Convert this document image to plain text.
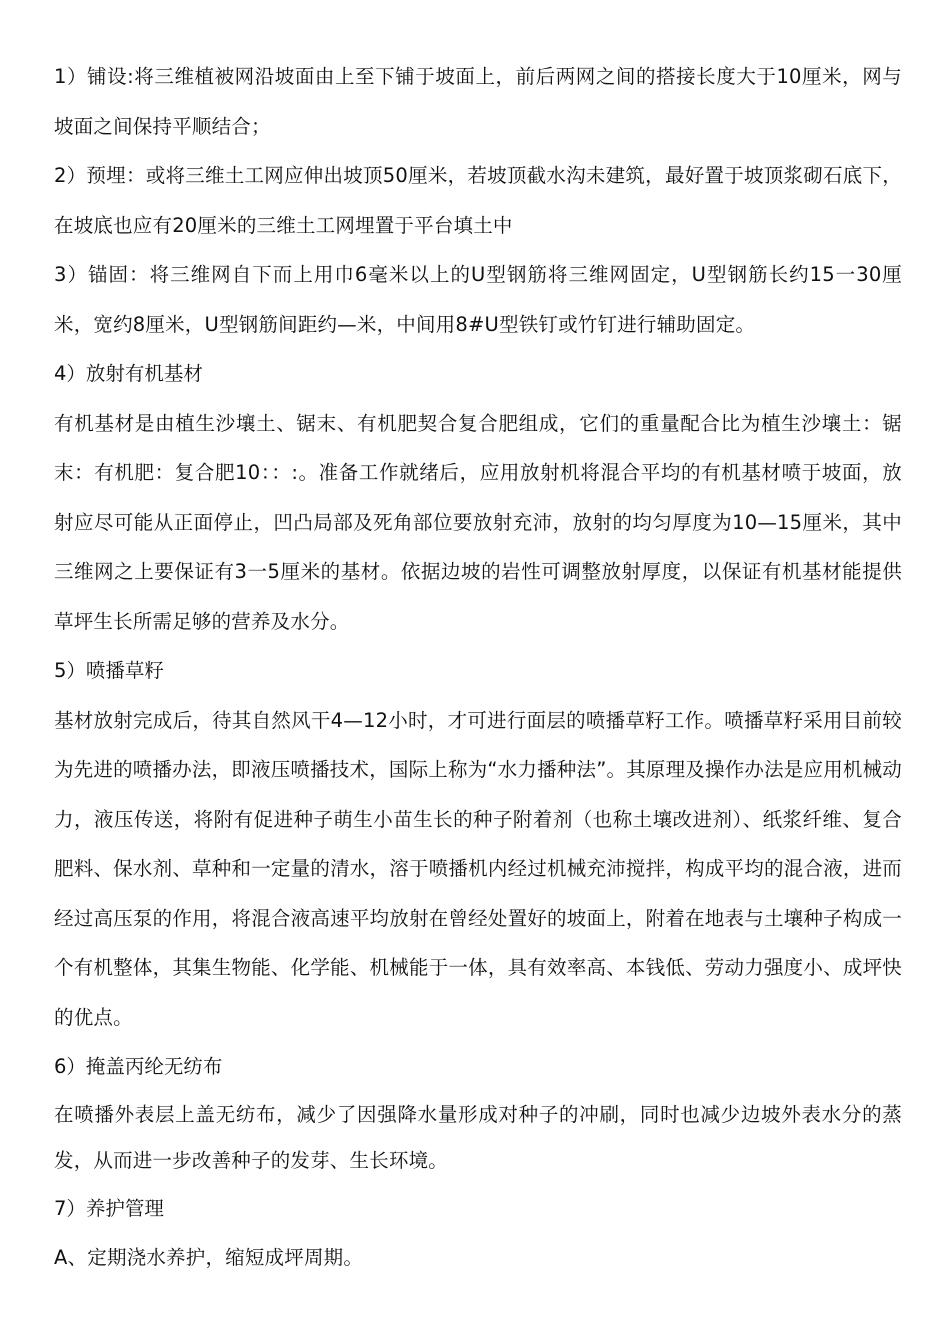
1）铺设:将三维植被网沿坡面由上至下铺于坡面上，前后两网之间的搭接长度大于10厘米，网与坡面之间保持平顺结合；

2）预埋：或将三维土工网应伸出坡顶50厘米，若坡顶截水沟未建筑，最好置于坡顶浆砌石底下，在坡底也应有20厘米的三维土工网埋置于平台填土中

3）锚固：将三维网自下而上用巾6毫米以上的U型钢筋将三维网固定，U型钢筋长约15一30厘米，宽约8厘米，U型钢筋间距约—米，中间用8#U型铁钉或竹钉进行辅助固定。

4）放射有机基材

有机基材是由植生沙壤土、锯末、有机肥契合复合肥组成，它们的重量配合比为植生沙壤土：锯末：有机肥：复合肥10：：:。准备工作就绪后，应用放射机将混合平均的有机基材喷于坡面，放射应尽可能从正面停止，凹凸局部及死角部位要放射充沛，放射的均匀厚度为10—15厘米，其中三维网之上要保证有3一5厘米的基材。依据边坡的岩性可调整放射厚度，以保证有机基材能提供草坪生长所需足够的营养及水分。

5）喷播草籽

基材放射完成后，待其自然风干4—12小时，才可进行面层的喷播草籽工作。喷播草籽采用目前较为先进的喷播办法，即液压喷播技术，国际上称为“水力播种法”。其原理及操作办法是应用机械动力，液压传送，将附有促进种子萌生小苗生长的种子附着剂（也称土壤改进剂）、纸浆纤维、复合肥料、保水剂、草种和一定量的清水，溶于喷播机内经过机械充沛搅拌，构成平均的混合液，进而经过高压泵的作用，将混合液高速平均放射在曾经处置好的坡面上，附着在地表与土壤种子构成一个有机整体，其集生物能、化学能、机械能于一体，具有效率高、本钱低、劳动力强度小、成坪快的优点。

6）掩盖丙纶无纺布

在喷播外表层上盖无纺布，减少了因强降水量形成对种子的冲刷，同时也减少边坡外表水分的蒸发，从而进一步改善种子的发芽、生长环境。

7）养护管理

A、定期浇水养护，缩短成坪周期。
